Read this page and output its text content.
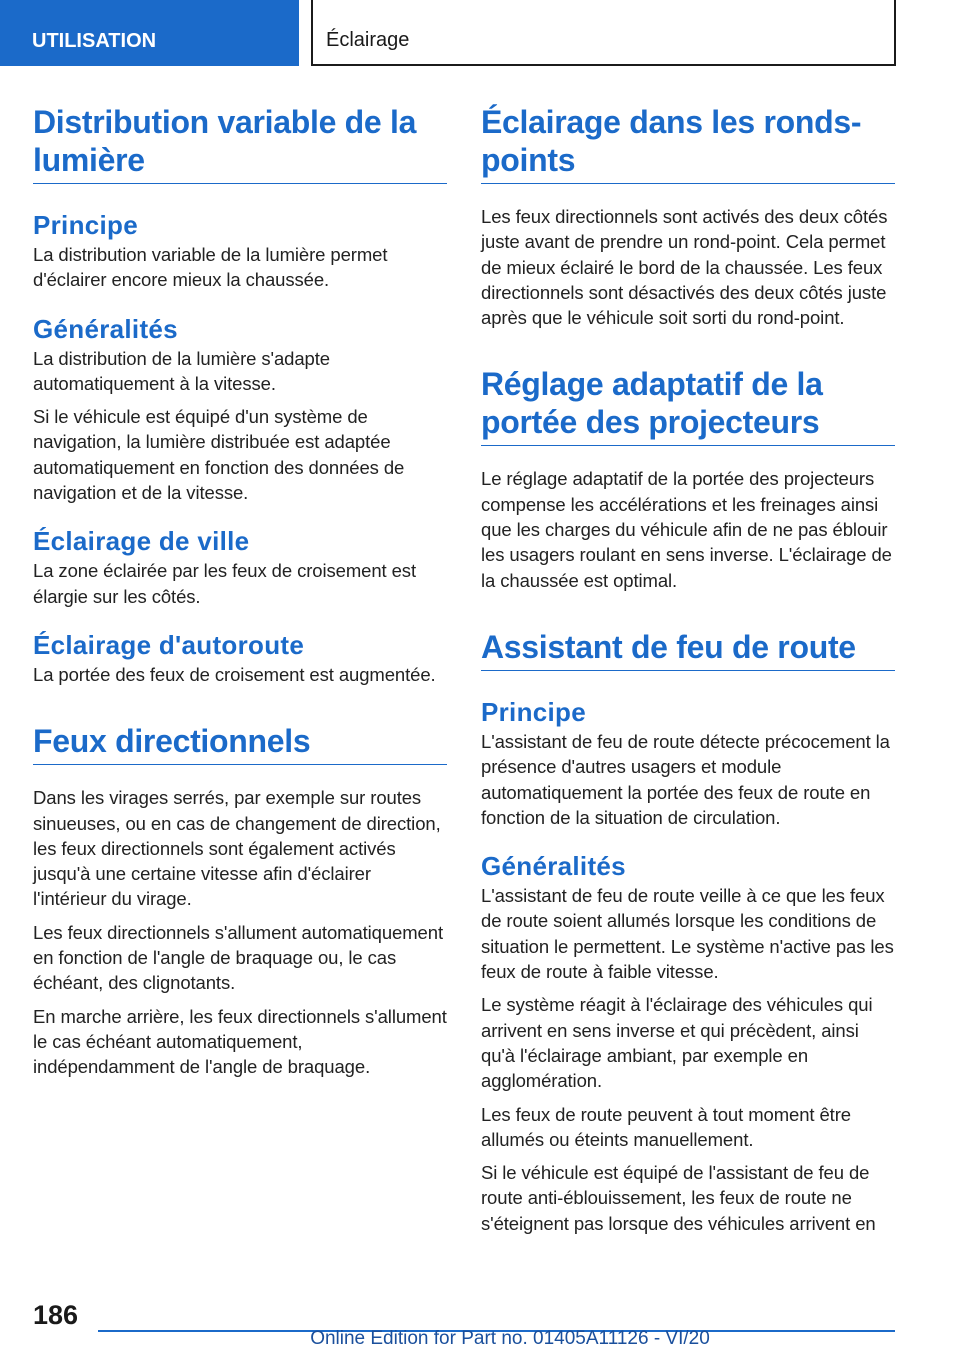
UTILISATION	Éclairage
Distribution variable de la lumière
Principe

La distribution variable de la lumière permet d'éclairer encore mieux la chaussée.

Généralités

La distribution de la lumière s'adapte automatiquement à la vitesse.

Si le véhicule est équipé d'un système de navigation, la lumière distribuée est adaptée automatiquement en fonction des données de navigation et de la vitesse.

Éclairage de ville

La zone éclairée par les feux de croisement est élargie sur les côtés.

Éclairage d'autoroute

La portée des feux de croisement est augmentée.

Feux directionnels

Dans les virages serrés, par exemple sur routes sinueuses, ou en cas de changement de direction, les feux directionnels sont également activés jusqu'à une certaine vitesse afin d'éclairer l'intérieur du virage.

Les feux directionnels s'allument automatiquement en fonction de l'angle de braquage ou, le cas échéant, des clignotants.

En marche arrière, les feux directionnels s'allument le cas échéant automatiquement, indépendamment de l'angle de braquage.

Éclairage dans les ronds-points

Les feux directionnels sont activés des deux côtés juste avant de prendre un rond-point. Cela permet de mieux éclairé le bord de la chaussée. Les feux directionnels sont désactivés des deux côtés juste après que le véhicule soit sorti du rond-point.

Réglage adaptatif de la portée des projecteurs

Le réglage adaptatif de la portée des projecteurs compense les accélérations et les freinages ainsi que les charges du véhicule afin de ne pas éblouir les usagers roulant en sens inverse. L'éclairage de la chaussée est optimal.

Assistant de feu de route
Principe

L'assistant de feu de route détecte précocement la présence d'autres usagers et module automatiquement la portée des feux de route en fonction de la situation de circulation.

Généralités

L'assistant de feu de route veille à ce que les feux de route soient allumés lorsque les conditions de situation le permettent. Le système n'active pas les feux de route à faible vitesse.

Le système réagit à l'éclairage des véhicules qui arrivent en sens inverse et qui précèdent, ainsi qu'à l'éclairage ambiant, par exemple en agglomération.

Les feux de route peuvent à tout moment être allumés ou éteints manuellement.

Si le véhicule est équipé de l'assistant de feu de route anti-éblouissement, les feux de route ne s'éteignent pas lorsque des véhicules arrivent en

186
Online Edition for Part no. 01405A11126 - VI/20
